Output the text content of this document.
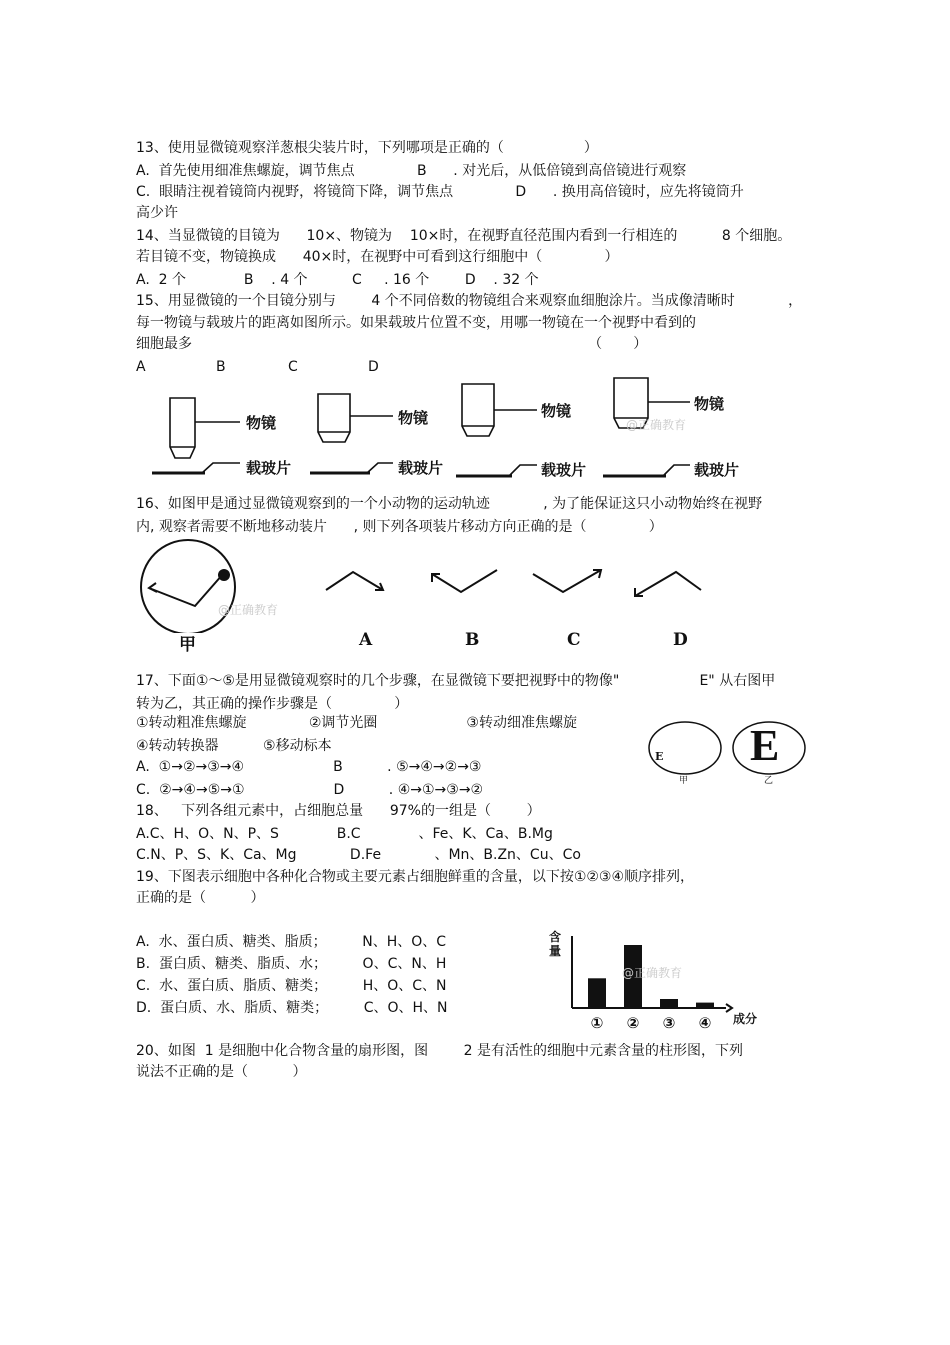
13、使用显微镜观察洋葱根尖装片时，下列哪项是正确的（                  ）
A.  首先使用细准焦螺旋，调节焦点              B      . 对光后，从低倍镜到高倍镜进行观察
C.  眼睛注视着镜筒内视野，将镜筒下降，调节焦点              D      . 换用高倍镜时，应先将镜筒升
高少许
14、当显微镜的目镜为      10×、物镜为    10×时，在视野直径范围内看到一行相连的          8 个细胞。
若目镜不变，物镜换成      40×时，在视野中可看到这行细胞中（              ）
A.  2 个             B    . 4 个          C     . 16 个        D    . 32 个
15、用显微镜的一个目镜分别与        4 个不同倍数的物镜组合来观察血细胞涂片。当成像清晰时            ，
每一物镜与载玻片的距离如图所示。如果载玻片位置不变，用哪一物镜在一个视野中看到的
细胞最多                                                                                         （       ）
A	B	C	D
物镜	物镜	物镜	物镜
载玻片	载玻片	载玻片	载玻片
@正确教育
16、如图甲是通过显微镜观察到的一个小动物的运动轨迹            , 为了能保证这只小动物始终在视野
内, 观察者需要不断地移动装片      , 则下列各项装片移动方向正确的是（              ）
@正确教育
甲	A	B	C	D
17、下面①～⑤是用显微镜观察时的几个步骤，在显微镜下要把视野中的物像"                  E" 从右图甲
转为乙，其正确的操作步骤是（              ）
①转动粗准焦螺旋              ②调节光圈                    ③转动细准焦螺旋
④转动转换器          ⑤移动标本
A.  ①→②→③→④                    B          . ⑤→④→②→③
C.  ②→④→⑤→①                    D          . ④→①→③→②
E E
甲	乙
18、   下列各组元素中，占细胞总量      97%的一组是（        ）
A.C、H、O、N、P、S             B.C             、Fe、K、Ca、B.Mg
C.N、P、S、K、Ca、Mg            D.Fe            、Mn、B.Zn、Cu、Co
19、下图表示细胞中各种化合物或主要元素占细胞鲜重的含量，以下按①②③④顺序排列，
正确的是（          ）
A.  水、蛋白质、糖类、脂质；        N、H、O、C
B.  蛋白质、糖类、脂质、水；        O、C、N、H
C.  水、蛋白质、脂质、糖类；        H、O、C、N
D.  蛋白质、水、脂质、糖类；        C、O、H、N
① ② ③ ④
含量
成分
@正确教育
20、如图  1 是细胞中化合物含量的扇形图，图        2 是有活性的细胞中元素含量的柱形图，下列
说法不正确的是（          ）
